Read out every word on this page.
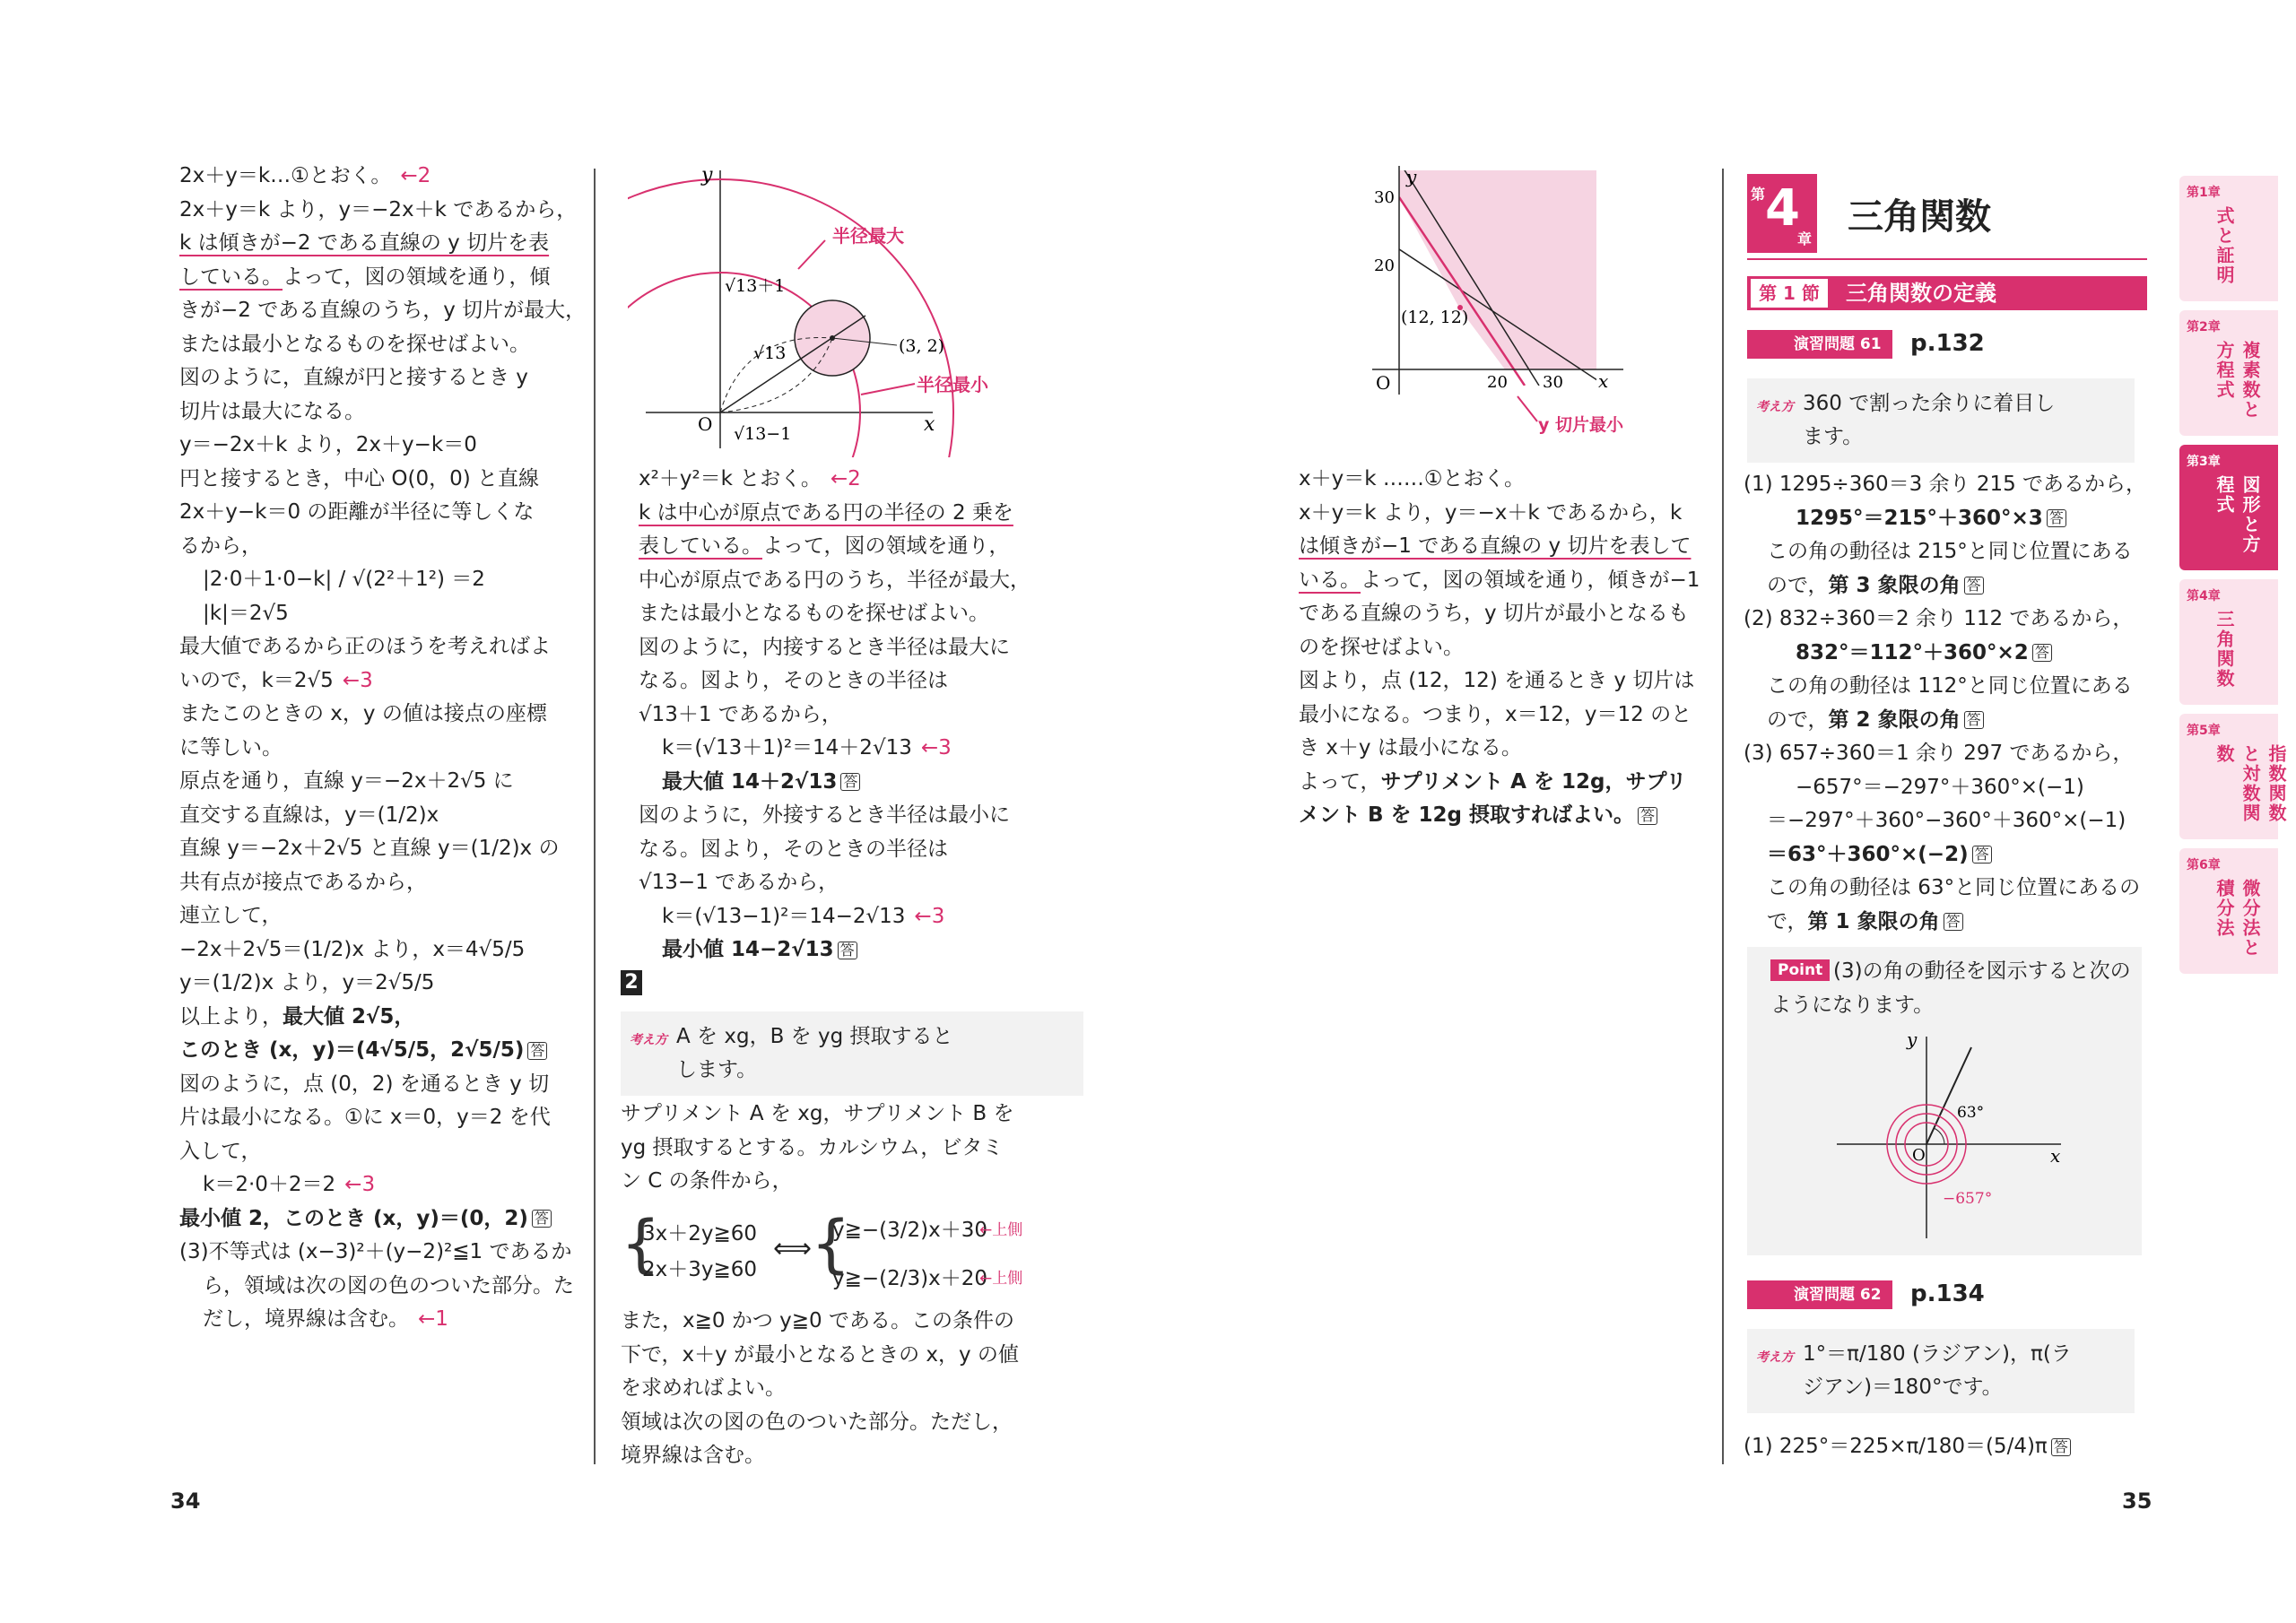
2x＋y＝k…①とおく。 ←2

2x＋y＝k より，y＝−2x＋k であるから，

k は傾きが−2 である直線の y 切片を表

している。よって，図の領域を通り，傾

きが−2 である直線のうち，y 切片が最大，

または最小となるものを探せばよい。

図のように，直線が円と接するとき y

切片は最大になる。

y＝−2x＋k より，2x＋y−k＝0

円と接するとき，中心 O(0，0) と直線

2x＋y−k＝0 の距離が半径に等しくな

るから，

|2·0＋1·0−k| / √(2²＋1²) ＝2

|k|＝2√5

最大値であるから正のほうを考えればよ

いので，k＝2√5 ←3

またこのときの x，y の値は接点の座標

に等しい。

原点を通り，直線 y＝−2x＋2√5 に

直交する直線は，y＝(1/2)x

直線 y＝−2x＋2√5 と直線 y＝(1/2)x の

共有点が接点であるから，

連立して，

−2x＋2√5＝(1/2)x より，x＝4√5/5

y＝(1/2)x より，y＝2√5/5

以上より，最大値 2√5，

このとき (x，y)＝(4√5/5，2√5/5) 答

図のように，点 (0，2) を通るとき y 切

片は最小になる。①に x＝0，y＝2 を代

入して，

k＝2·0＋2＝2 ←3

最小値 2，このとき (x，y)＝(0，2) 答

(3)不等式は (x−3)²＋(y−2)²≦1 であるか

ら，領域は次の図の色のついた部分。た

だし，境界線は含む。 ←1

x²＋y²＝k とおく。 ←2

k は中心が原点である円の半径の 2 乗を

表している。よって，図の領域を通り，

中心が原点である円のうち，半径が最大，

または最小となるものを探せばよい。

図のように，内接するとき半径は最大に

なる。図より，そのときの半径は

√13＋1 であるから，

k＝(√13＋1)²＝14＋2√13 ←3

最大値 14＋2√13 答

図のように，外接するとき半径は最小に

なる。図より，そのときの半径は

√13−1 であるから，

k＝(√13−1)²＝14−2√13 ←3

最小値 14−2√13 答

2
考え方 A を xg，B を yg 摂取すると
します。

サプリメント A を xg，サプリメント B を

yg 摂取するとする。カルシウム，ビタミ

ン C の条件から，

{
3x＋2y≧60
2x＋3y≧60
⟺
{
y≧−(3/2)x＋30
y≧−(2/3)x＋20
←上側
←上側

また，x≧0 かつ y≧0 である。この条件の

下で，x＋y が最小となるときの x，y の値

を求めればよい。

領域は次の図の色のついた部分。ただし，

境界線は含む。

y
x
O
半径最大
半径最小
√13＋1
√13
√13−1
(3, 2)
y
x
O
30
20
20 30
(12, 12)
y 切片最小

x＋y＝k ……①とおく。

x＋y＝k より，y＝−x＋k であるから，k

は傾きが−1 である直線の y 切片を表して

いる。よって，図の領域を通り，傾きが−1

である直線のうち，y 切片が最小となるも

のを探せばよい。

図より，点 (12，12) を通るとき y 切片は

最小になる。つまり，x＝12，y＝12 のと

き x＋y は最小になる。

よって，サプリメント A を 12g，サプリ

メント B を 12g 摂取すればよい。 答

第 4
章
三角関数
第 1 節	三角関数の定義
演習問題 61	p.132
考え方 360 で割った余りに着目し
ます。

(1) 1295÷360＝3 余り 215 であるから，

1295°＝215°＋360°×3 答

この角の動径は 215°と同じ位置にある

ので，第 3 象限の角 答

(2) 832÷360＝2 余り 112 であるから，

832°＝112°＋360°×2 答

この角の動径は 112°と同じ位置にある

ので，第 2 象限の角 答

(3) 657÷360＝1 余り 297 であるから，

−657°＝−297°＋360°×(−1)

＝−297°＋360°−360°＋360°×(−1)

＝63°＋360°×(−2) 答

この角の動径は 63°と同じ位置にあるの

で，第 1 象限の角 答

Point (3)の角の動径を図示すると次の
ようになります。
y
x
O
63°
−657°
演習問題 62	p.134
考え方 1°＝π/180 (ラジアン)，π(ラ
ジアン)＝180°です。
(1) 225°＝225×π/180＝(5/4)π 答
34	35
第1章
式と証明
第2章
複素数と方程式
第3章
図形と方程式
第4章
三角関数
第5章
指数関数と対数関数
第6章
微分法と積分法
